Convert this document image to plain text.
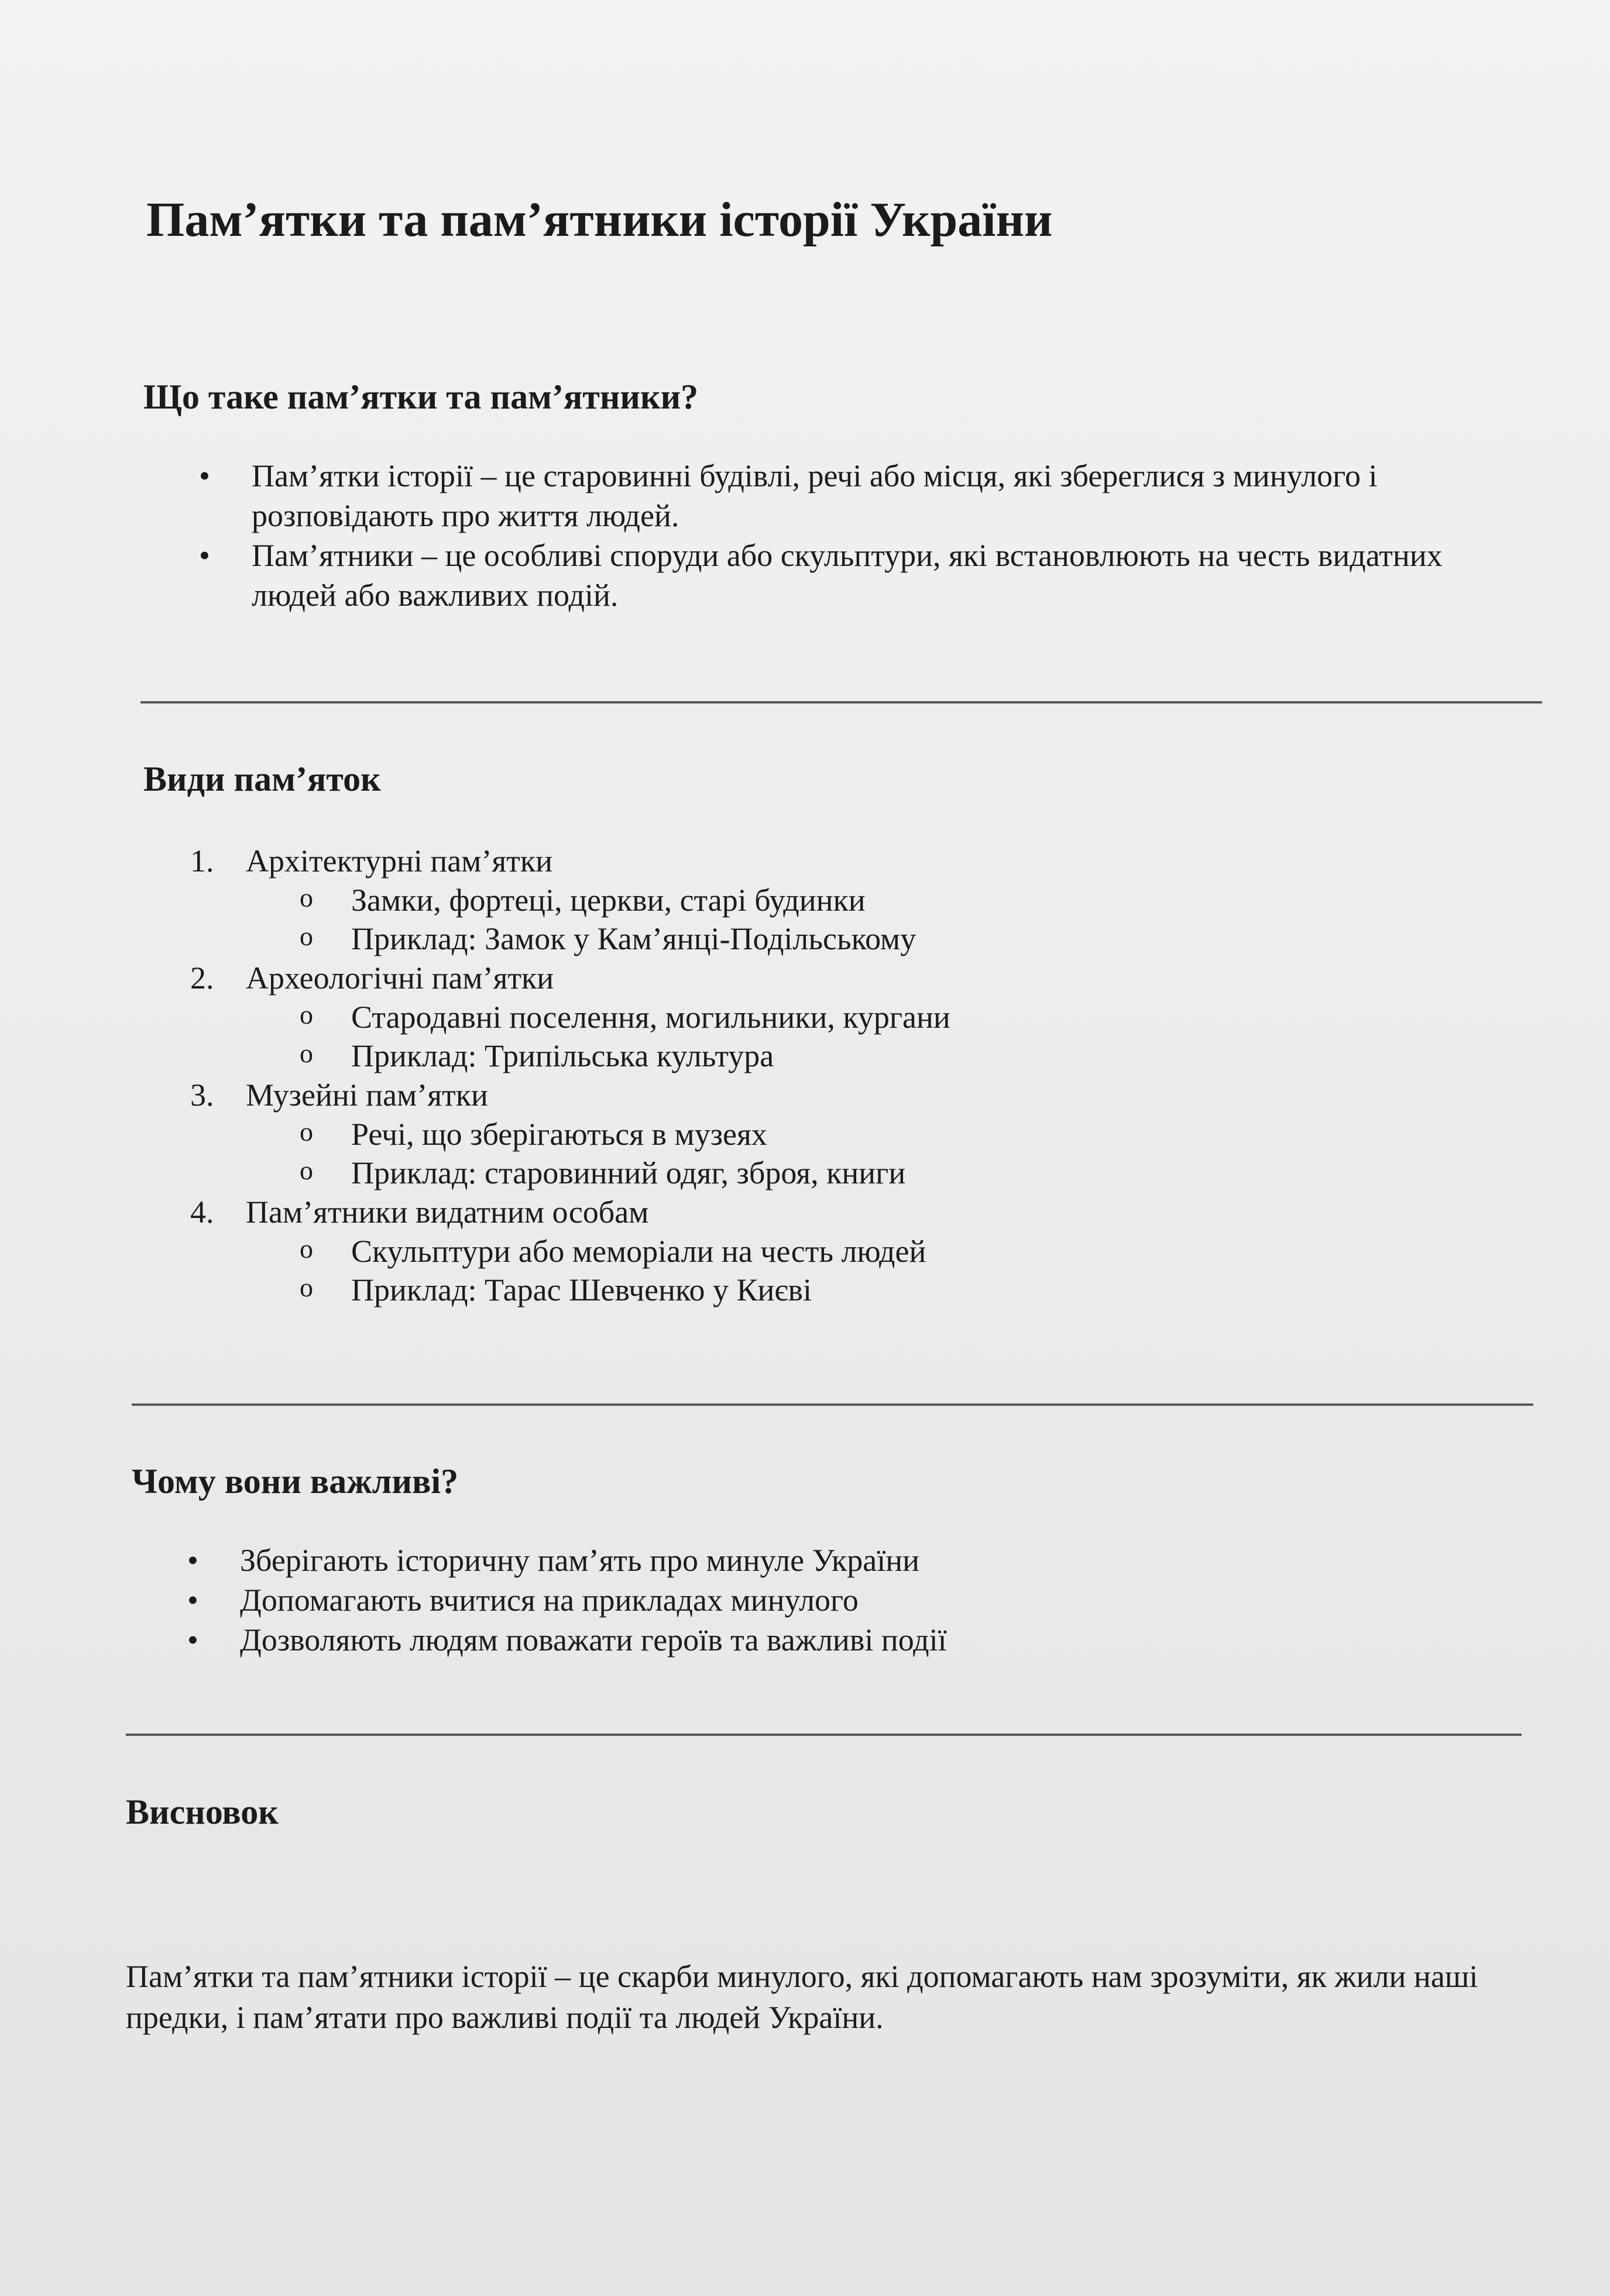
Пам’ятки та пам’ятники історії України
Що таке пам’ятки та пам’ятники?
• Пам’ятки історії – це старовинні будівлі, речі або місця, які збереглися з минулого і розповідають про життя людей.
• Пам’ятники – це особливі споруди або скульптури, які встановлюють на честь видатних людей або важливих подій.
Види пам’яток
1. Архітектурні пам’ятки
o Замки, фортеці, церкви, старі будинки
o Приклад: Замок у Кам’янці-Подільському
2. Археологічні пам’ятки
o Стародавні поселення, могильники, кургани
o Приклад: Трипільська культура
3. Музейні пам’ятки
o Речі, що зберігаються в музеях
o Приклад: старовинний одяг, зброя, книги
4. Пам’ятники видатним особам
o Скульптури або меморіали на честь людей
o Приклад: Тарас Шевченко у Києві
Чому вони важливі?
• Зберігають історичну пам’ять про минуле України
• Допомагають вчитися на прикладах минулого
• Дозволяють людям поважати героїв та важливі події
Висновок

Пам’ятки та пам’ятники історії – це скарби минулого, які допомагають нам зрозуміти, як жили наші предки, і пам’ятати про важливі події та людей України.
